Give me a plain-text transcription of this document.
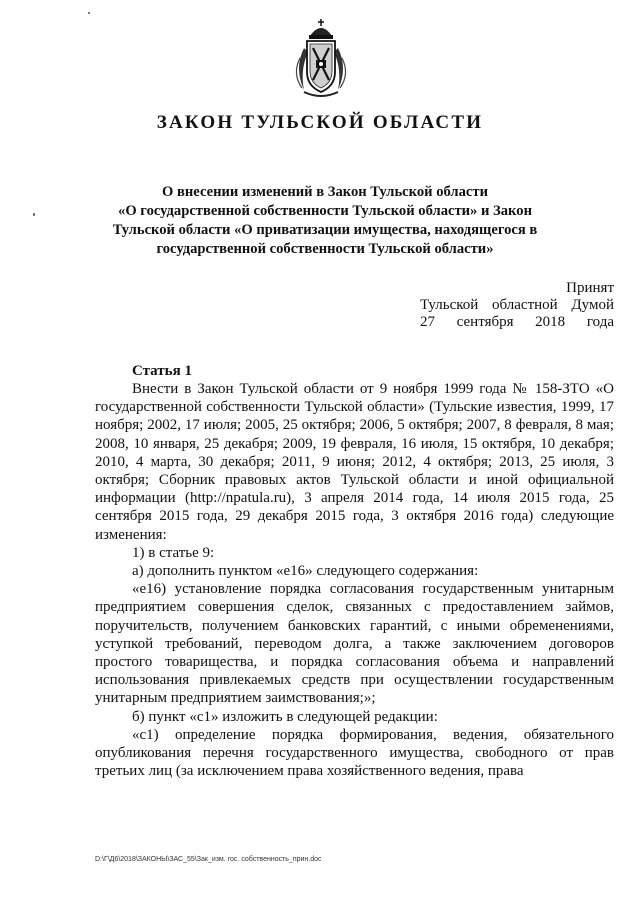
ЗАКОН ТУЛЬСКОЙ ОБЛАСТИ
О внесении изменений в Закон Тульской области
«О государственной собственности Тульской области» и Закон
Тульской области «О приватизации имущества, находящегося в
государственной собственности Тульской области»
Принят
Тульской областной Думой
27 сентября 2018 года
Статья 1

Внести в Закон Тульской области от 9 ноября 1999 года № 158-ЗТО «О государственной собственности Тульской области» (Тульские известия, 1999, 17 ноября; 2002, 17 июля; 2005, 25 октября; 2006, 5 октября; 2007, 8 февраля, 8 мая; 2008, 10 января, 25 декабря; 2009, 19 февраля, 16 июля, 15 октября, 10 декабря; 2010, 4 марта, 30 декабря; 2011, 9 июня; 2012, 4 октября; 2013, 25 июля, 3 октября; Сборник правовых актов Тульской области и иной официальной информации (http://npatula.ru), 3 апреля 2014 года, 14 июля 2015 года, 25 сентября 2015 года, 29 декабря 2015 года, 3 октября 2016 года) следующие изменения:

1) в статье 9:

а) дополнить пунктом «е16» следующего содержания:

«е16) установление порядка согласования государственным унитарным предприятием совершения сделок, связанных с предоставлением займов, поручительств, получением банковских гарантий, с иными обременениями, уступкой требований, переводом долга, а также заключением договоров простого товарищества, и порядка согласования объема и направлений использования привлекаемых средств при осуществлении государственным унитарным предприятием заимствования;»;

б) пункт «с1» изложить в следующей редакции:

«с1) определение порядка формирования, ведения, обязательного опубликования перечня государственного имущества, свободного от прав третьих лиц (за исключением права хозяйственного ведения, права

D:\Г\Д6\2018\ЗАКОНЫ\ЗАС_55\Зак_изм. гос. собственность_прин.doc
